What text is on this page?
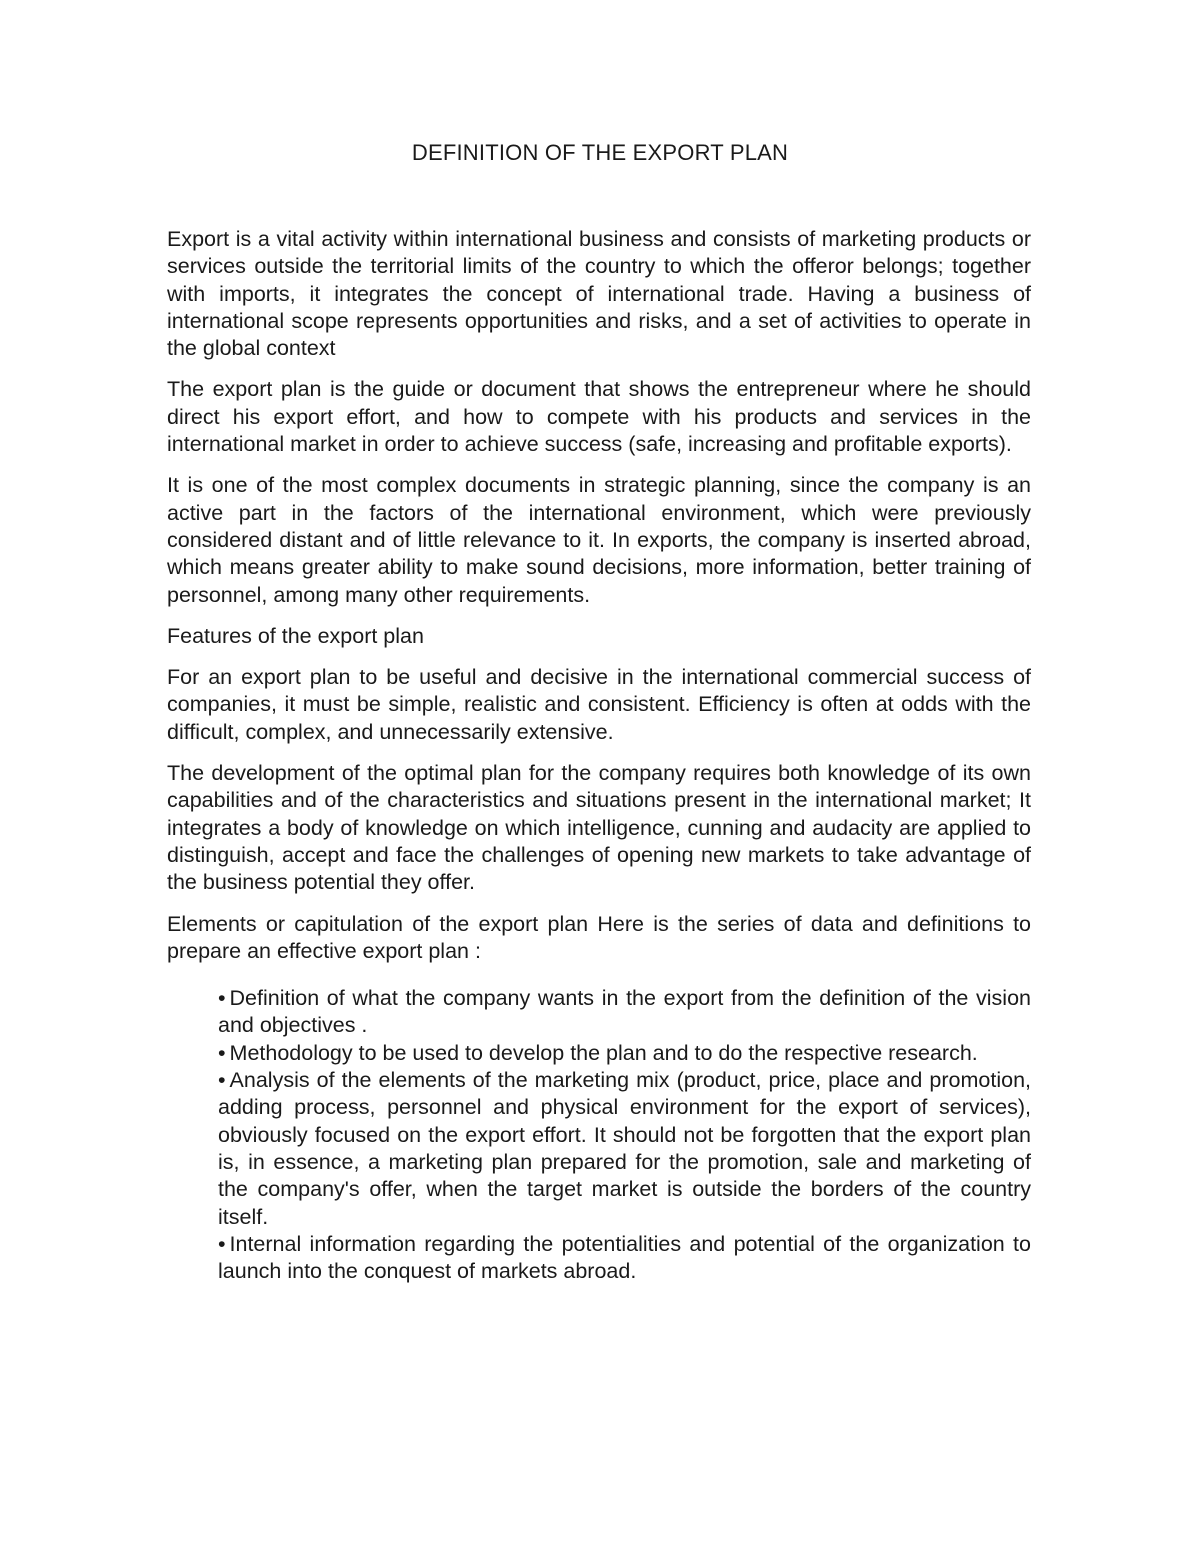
DEFINITION OF THE EXPORT PLAN

Export is a vital activity within international business and consists of marketing products or services outside the territorial limits of the country to which the offeror belongs; together with imports, it integrates the concept of international trade. Having a business of international scope represents opportunities and risks, and a set of activities to operate in the global context

The export plan is the guide or document that shows the entrepreneur where he should direct his export effort, and how to compete with his products and services in the international market in order to achieve success (safe, increasing and profitable exports).

It is one of the most complex documents in strategic planning, since the company is an active part in the factors of the international environment, which were previously considered distant and of little relevance to it. In exports, the company is inserted abroad, which means greater ability to make sound decisions, more information, better training of personnel, among many other requirements.

Features of the export plan

For an export plan to be useful and decisive in the international commercial success of companies, it must be simple, realistic and consistent. Efficiency is often at odds with the difficult, complex, and unnecessarily extensive.

The development of the optimal plan for the company requires both knowledge of its own capabilities and of the characteristics and situations present in the international market; It integrates a body of knowledge on which intelligence, cunning and audacity are applied to distinguish, accept and face the challenges of opening new markets to take advantage of the business potential they offer.

Elements or capitulation of the export plan Here is the series of data and definitions to prepare an effective export plan :

• Definition of what the company wants in the export from the definition of the vision and objectives .
• Methodology to be used to develop the plan and to do the respective research.
• Analysis of the elements of the marketing mix (product, price, place and promotion, adding process, personnel and physical environment for the export of services), obviously focused on the export effort. It should not be forgotten that the export plan is, in essence, a marketing plan prepared for the promotion, sale and marketing of the company's offer, when the target market is outside the borders of the country itself.
• Internal information regarding the potentialities and potential of the organization to launch into the conquest of markets abroad.
